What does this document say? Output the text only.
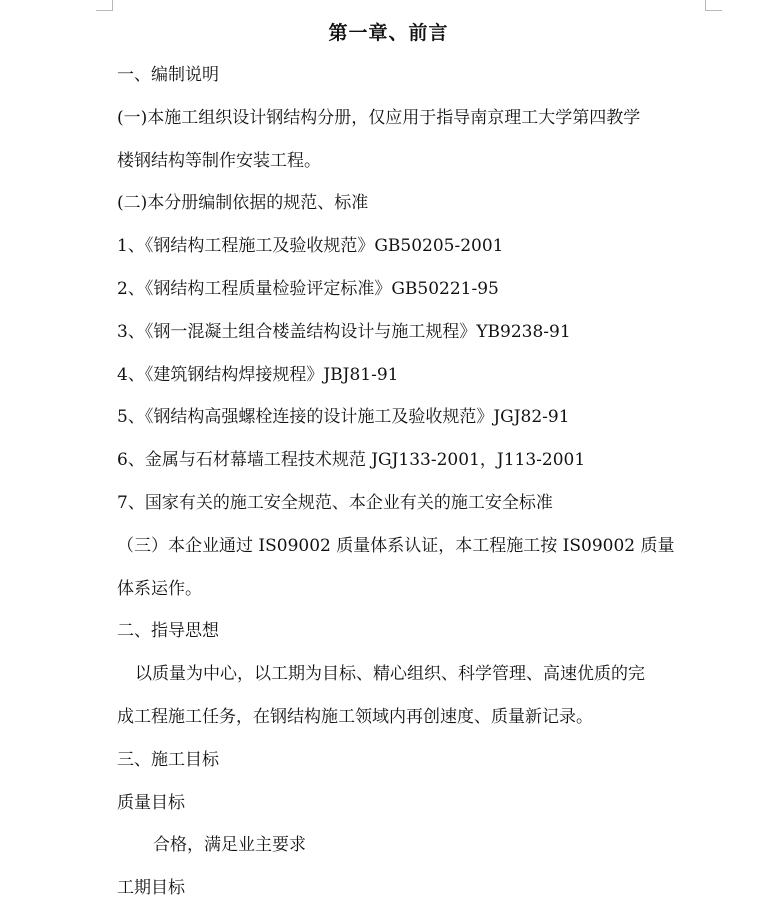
第一章、前言
一、编制说明
(一)本施工组织设计钢结构分册，仅应用于指导南京理工大学第四教学
楼钢结构等制作安装工程。
(二)本分册编制依据的规范、标准
1、《钢结构工程施工及验收规范》GB50205-2001
2、《钢结构工程质量检验评定标准》GB50221-95
3、《钢一混凝土组合楼盖结构设计与施工规程》YB9238-91
4、《建筑钢结构焊接规程》JBJ81-91
5、《钢结构高强螺栓连接的设计施工及验收规范》JGJ82-91
6、金属与石材幕墙工程技术规范 JGJ133-2001，J113-2001
7、国家有关的施工安全规范、本企业有关的施工安全标准
（三）本企业通过 IS09002 质量体系认证，本工程施工按 IS09002 质量
体系运作。
二、指导思想
以质量为中心，以工期为目标、精心组织、科学管理、高速优质的完
成工程施工任务，在钢结构施工领域内再创速度、质量新记录。
三、施工目标
质量目标
合格，满足业主要求
工期目标
